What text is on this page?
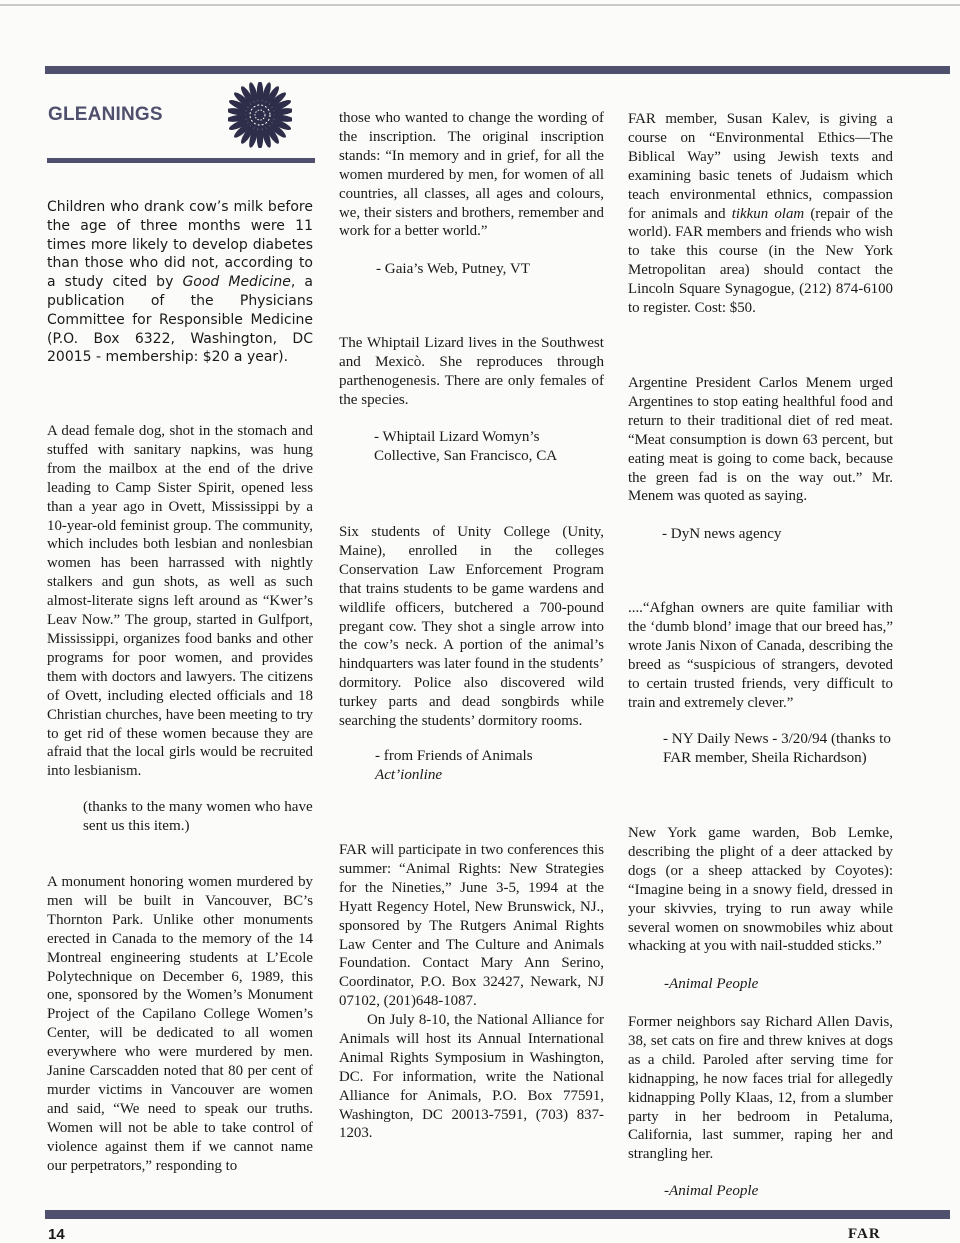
GLEANINGS

Children who drank cow’s milk before the age of three months were 11 times more likely to develop diabetes than those who did not, according to a study cited by Good Medicine, a publication of the Physicians Committee for Responsible Medicine (P.O. Box 6322, Washington, DC 20015 - membership: $20 a year).

A dead female dog, shot in the stomach and stuffed with sanitary napkins, was hung from the mailbox at the end of the drive leading to Camp Sister Spirit, opened less than a year ago in Ovett, Mississippi by a 10-year-old feminist group. The community, which includes both lesbian and nonlesbian women has been harrassed with nightly stalkers and gun shots, as well as such almost-literate signs left around as “Kwer’s Leav Now.” The group, started in Gulfport, Mississippi, organizes food banks and other programs for poor women, and provides them with doctors and lawyers. The citizens of Ovett, including elected officials and 18 Christian churches, have been meeting to try to get rid of these women because they are afraid that the local girls would be recruited into lesbianism.

(thanks to the many women who have sent us this item.)

A monument honoring women murdered by men will be built in Vancouver, BC’s Thornton Park. Unlike other monuments erected in Canada to the memory of the 14 Montreal engineering students at L’Ecole Polytechnique on December 6, 1989, this one, sponsored by the Women’s Monument Project of the Capilano College Women’s Center, will be dedicated to all women everywhere who were murdered by men. Janine Carscadden noted that 80 per cent of murder victims in Vancouver are women and said, “We need to speak our truths. Women will not be able to take control of violence against them if we cannot name our perpetrators,” responding to

those who wanted to change the wording of the inscription. The original inscription stands: “In memory and in grief, for all the women murdered by men, for women of all countries, all classes, all ages and colours, we, their sisters and brothers, remember and work for a better world.”

- Gaia’s Web, Putney, VT

The Whiptail Lizard lives in the Southwest and Mexicò. She reproduces through parthenogenesis. There are only females of the species.

- Whiptail Lizard Womyn’s Collective, San Francisco, CA

Six students of Unity College (Unity, Maine), enrolled in the colleges Conservation Law Enforcement Program that trains students to be game wardens and wildlife officers, butchered a 700-pound pregant cow. They shot a single arrow into the cow’s neck. A portion of the animal’s hindquarters was later found in the students’ dormitory. Police also discovered wild turkey parts and dead songbirds while searching the students’ dormitory rooms.

- from Friends of Animals
Act’ionline

FAR will participate in two conferences this summer: “Animal Rights: New Strategies for the Nineties,” June 3-5, 1994 at the Hyatt Regency Hotel, New Brunswick, NJ., sponsored by The Rutgers Animal Rights Law Center and The Culture and Animals Foundation. Contact Mary Ann Serino, Coordinator, P.O. Box 32427, Newark, NJ 07102, (201)648-1087.

On July 8-10, the National Alliance for Animals will host its Annual International Animal Rights Symposium in Washington, DC. For information, write the National Alliance for Animals, P.O. Box 77591, Washington, DC 20013-7591, (703) 837-1203.

FAR member, Susan Kalev, is giving a course on “Environmental Ethics—The Biblical Way” using Jewish texts and examining basic tenets of Judaism which teach environmental ethnics, compassion for animals and tikkun olam (repair of the world). FAR members and friends who wish to take this course (in the New York Metropolitan area) should contact the Lincoln Square Synagogue, (212) 874-6100 to register. Cost: $50.

Argentine President Carlos Menem urged Argentines to stop eating healthful food and return to their traditional diet of red meat. “Meat consumption is down 63 percent, but eating meat is going to come back, because the green fad is on the way out.” Mr. Menem was quoted as saying.

- DyN news agency

....“Afghan owners are quite familiar with the ‘dumb blond’ image that our breed has,” wrote Janis Nixon of Canada, describing the breed as “suspicious of strangers, devoted to certain trusted friends, very difficult to train and extremely clever.”

- NY Daily News - 3/20/94 (thanks to FAR member, Sheila Richardson)

New York game warden, Bob Lemke, describing the plight of a deer attacked by dogs (or a sheep attacked by Coyotes): “Imagine being in a snowy field, dressed in your skivvies, trying to run away while several women on snowmobiles whiz about whacking at you with nail-studded sticks.”

-Animal People

Former neighbors say Richard Allen Davis, 38, set cats on fire and threw knives at dogs as a child. Paroled after serving time for kidnapping, he now faces trial for allegedly kidnapping Polly Klaas, 12, from a slumber party in her bedroom in Petaluma, California, last summer, raping her and strangling her.

-Animal People

14	FAR
